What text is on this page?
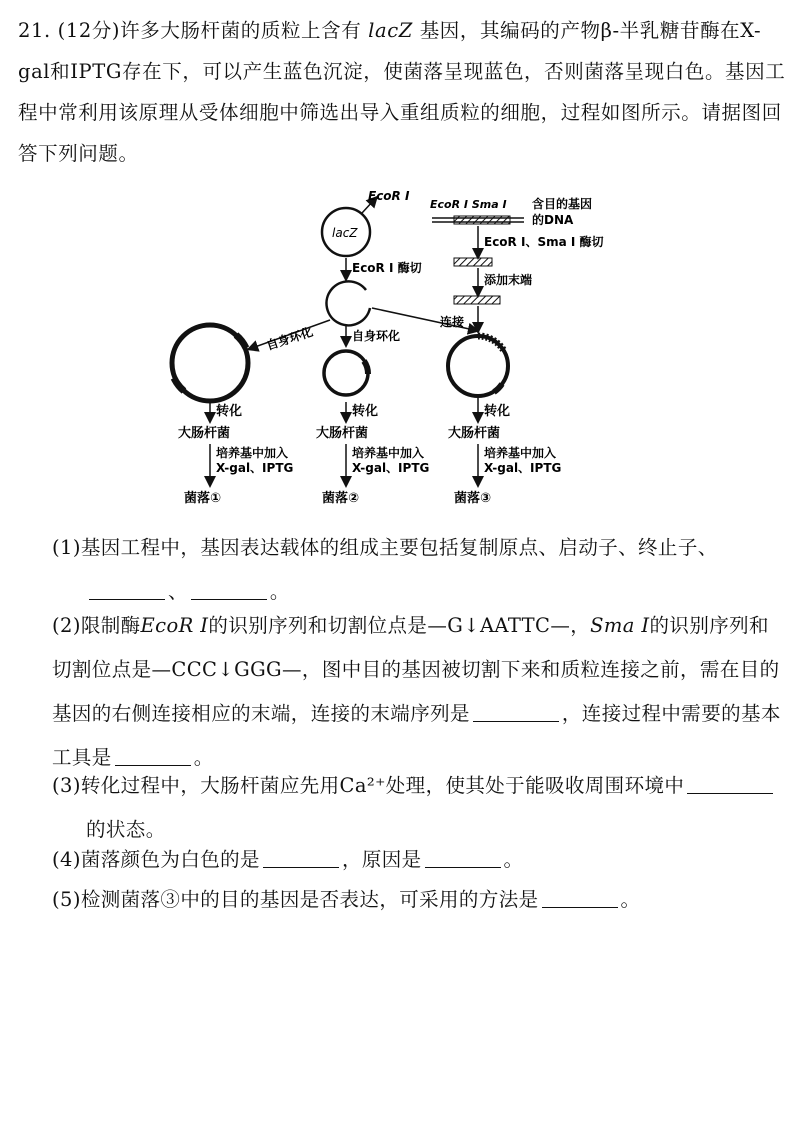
21. (12分)许多大肠杆菌的质粒上含有 lacZ 基因，其编码的产物β-半乳糖苷酶在X-gal和IPTG存在下，可以产生蓝色沉淀，使菌落呈现蓝色，否则菌落呈现白色。基因工程中常利用该原理从受体细胞中筛选出导入重组质粒的细胞，过程如图所示。请据图回答下列问题。
lacZ
EcoR Ⅰ
EcoR Ⅰ 酶切
EcoR Ⅰ Sma Ⅰ 含目的基因
的DNA
EcoR Ⅰ、Sma Ⅰ 酶切
添加末端
连接
自身环化	自身环化
转化
大肠杆菌
培养基中加入
X-gal、IPTG
菌落①
转化
大肠杆菌
培养基中加入
X-gal、IPTG
菌落②
转化
大肠杆菌
培养基中加入
X-gal、IPTG
菌落③
(1)基因工程中，基因表达载体的组成主要包括复制原点、启动子、终止子、

、	。
(2)限制酶EcoR Ⅰ的识别序列和切割位点是—G↓AATTC—，Sma Ⅰ的识别序列和切割位点是—CCC↓GGG—，图中目的基因被切割下来和质粒连接之前，需在目的基因的右侧连接相应的末端，连接的末端序列是	，连接过程中需要的基本工具是	。
(3)转化过程中，大肠杆菌应先用Ca²⁺处理，使其处于能吸收周围环境中

的状态。
(4)菌落颜色为白色的是	，原因是	。
(5)检测菌落③中的目的基因是否表达，可采用的方法是	。
